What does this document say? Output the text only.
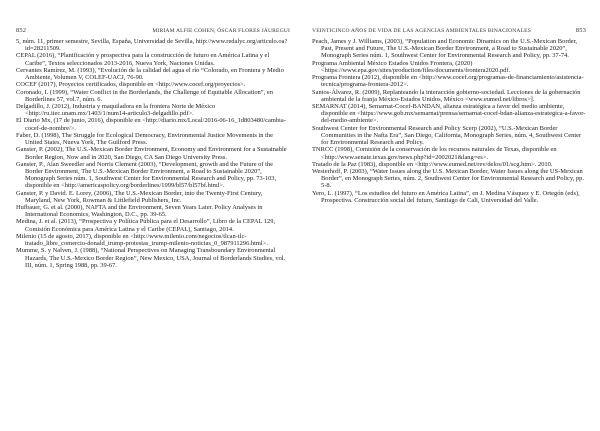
852	MIRIAM ALFIE COHEN, ÓSCAR FLORES JÁUREGUI
5, núm. 11, primer semestre, Sevilla, España, Universidad de Sevilla, http://www.redalyc.org/articulo.oa?id=28211509.
CEPAL (2016), “Planificación y prospectiva para la construcción de futuro en América Latina y el Caribe”, Textos seleccionados 2013-2016, Nueva York, Naciones Unidas.
Cervantes Ramírez, M. (1993), “Evolución de la calidad del agua el río “Colorado, en Frontera y Medio Ambiente, Volumen V, COLEF-UACJ, 76-90.
COCEF (2017), Proyectos certificados, disponible en <http://www.cocef.org/proyectos>.
Coronado, I. (1999), “Water Conflict in the Borderlands, the Challenge of Equitable Allocation”, en Borderlines 57, vol.7, núm. 6.
Delgadillo, J. (2012), Industria y maquiladora en la frontera Norte de México <http://ru.iiec.unam.mx/1403/1/num14-articulo3-delgadillo.pdf>.
El Diario Mx, (17 de junio, 2016), disponible en <http://diario.mx/Local/2016-06-16_1d803480/cambia-cocef-de-nombre/>.
Faber, D. (1998), The Struggle for Ecological Democracy, Environmental Justice Movements in the United States, Nueva York, The Guilford Press.
Ganster, P. (2002), The U.S.-Mexican Border Environment, Economy and Environment for a Sustainable Border Region, Now and in 2020, San Diego, CA San Diego University Press.
Ganster, P., Alan Sweedler and Norris Clement (2003), “Development, growth and the Future of the Border Environment, The U.S.-Mexican Border Environment, a Road to Sustainable 2020”, Monograph Series núm. 1, Southwest Center for Environmental Research and Policy, pp. 73-103, disponible en <http://americaspolicy.org/borderlines/1999/bl57/bl57bf.html>.
Ganster, P. y David. E. Lorey, (2006), The U.S.-Mexican Border, into the Twenty-First Century, Maryland, New York, Rowman & Littlefield Publishers, Inc.
Hufbauer, G. et al. (2000), NAFTA and the Environment, Seven Years Later. Policy Analyses in International Economics, Washington, D.C., pp. 39-65.
Medina, J. et al. (2013), “Prospectiva y Política Pública para el Desarrollo”, Libro de la CEPAL 129, Comisión Económica para América Latina y el Caribe (CEPAL), Santiago, 2014.
Milenio (15 de agosto, 2017), disponible en <http://www.milenio.com/negocios/tlcan-tlc-tratado_libre_comercio-donald_trump-protestas_trump-milenio-noticias_0_987911296.html>.
Mumme, S. y Nalven, J. (1988), “National Perspectives on Managing Transboundary Environmental Hazards, The U.S.-Mexico Border Region”, New Mexico, USA, Journal of Borderlands Studies, vol. III, núm. 1, Spring 1988, pp. 39-67.
VEINTICINCO AÑOS DE VIDA DE LAS AGENCIAS AMBIENTALES BINACIONALES	853
Peach, James y J. Williams, (2003), “Population and Economic Dinamics on the U.S.-Mexican Border, Past, Present and Future, The U.S.-Mexican Border Environment, a Road to Sustainable 2020”, Monograph Series núm. 1, Southwest Center for Environmental Research and Policy, pp. 37-74.
Programa Ambiental México Estados Unidos Frontera, (2020) <https://www.epa.gov/sites/production/files/documents/frontera2020.pdf.
Programa Frontera (2012), disponible en <http://www.cocef.org/programas-de-financiamiento/asistencia-tecnica/programa-frontera-2012>.
Santos-Álvarez, R. (2009), Replanteando la interacción gobierno-sociedad. Lecciones de la gobernación ambiental de la franja México-Estados Unidos, México <www.eumed.net/libros>].
SEMARNAT (2014), Semarnat-Cocef-BANDAN, alianza estratégica a favor del medio ambiente, disponible en <https://www.gob.mx/semarnat/prensa/semarnat-cocef-bdan-alianza-estrategica-a-favor-del-medio-ambiente>.
Southwest Center for Environmental Research and Policy Scerp (2002), “U.S.-Mexican Border Communities in the Nafta Era”, San Diego, California, Monograph Series, núm. 4, Southwest Center for Environmental Research and Policy.
TNRCC (1998), Comisión de la conservación de los recursos naturales de Texas, disponible en <http://www.senate.texas.gov/news.php?id=2002021&lang=es>.
Tratado de la Paz (1983), disponible en <http://www.eumed.net/rev/delos/01/scg.htm>. 2010.
Westerhoff, P. (2003), “Water Issues along the U.S. Mexican Border, Water Issues along the US-Mexican Border”, en Monograph Series, núm. 2, Southwest Center for Environmental Research and Policy, pp. 5-8.
Yero, L. (1997), “Los estudios del futuro en América Latina”, en J. Medina Vásquez y E. Ortegón (eds), Prospectiva. Construcción social del futuro, Santiago de Cali, Universidad del Valle.
